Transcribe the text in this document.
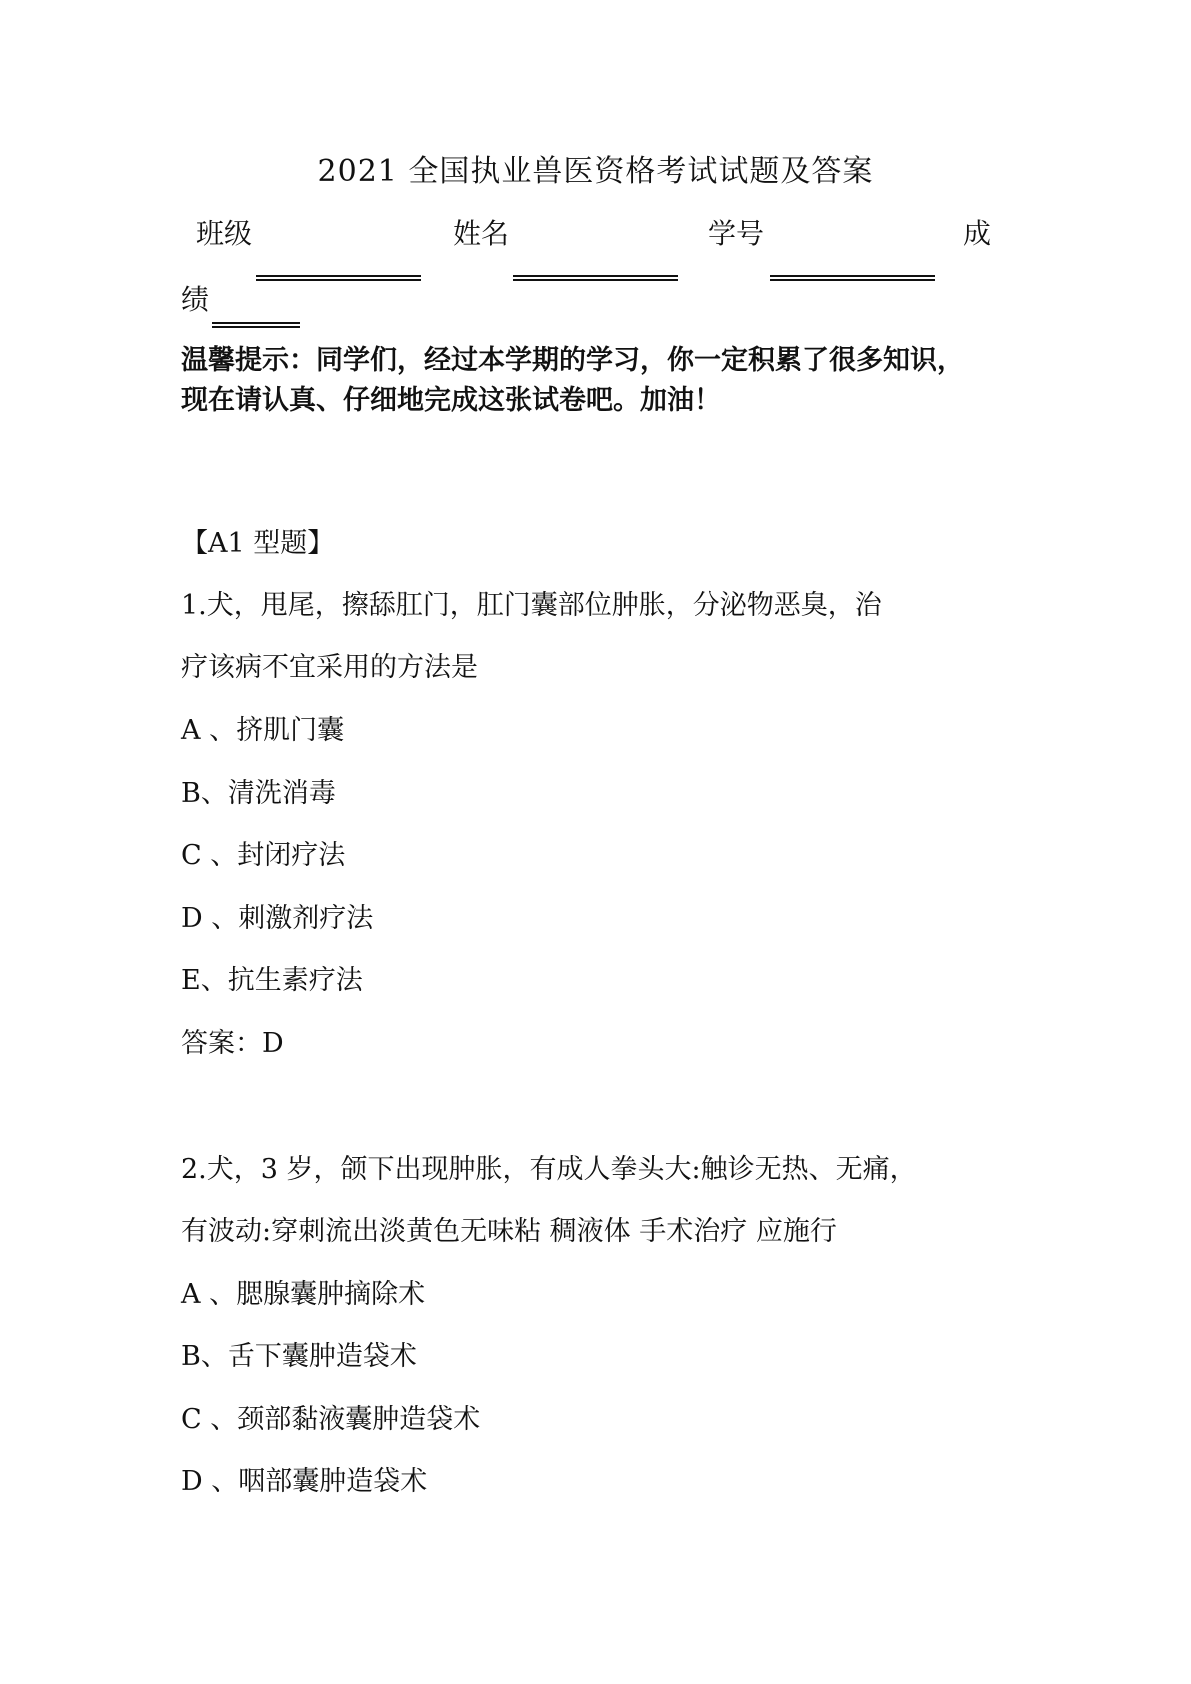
2021 全国执业兽医资格考试试题及答案
班级	姓名	学号	成
绩
温馨提示：同学们，经过本学期的学习，你一定积累了很多知识，
现在请认真、仔细地完成这张试卷吧。加油！
【A1 型题】
1.犬，甩尾，擦舔肛门，肛门囊部位肿胀，分泌物恶臭，治
疗该病不宜采用的方法是
A 、挤肌门囊
B、清洗消毒
C 、封闭疗法
D 、刺激剂疗法
E、抗生素疗法
答案：D
2.犬，3 岁，颌下出现肿胀，有成人拳头大:触诊无热、无痛，
有波动:穿刺流出淡黄色无味粘 稠液体 手术治疗 应施行
A 、腮腺囊肿摘除术
B、舌下囊肿造袋术
C 、颈部黏液囊肿造袋术
D 、咽部囊肿造袋术
